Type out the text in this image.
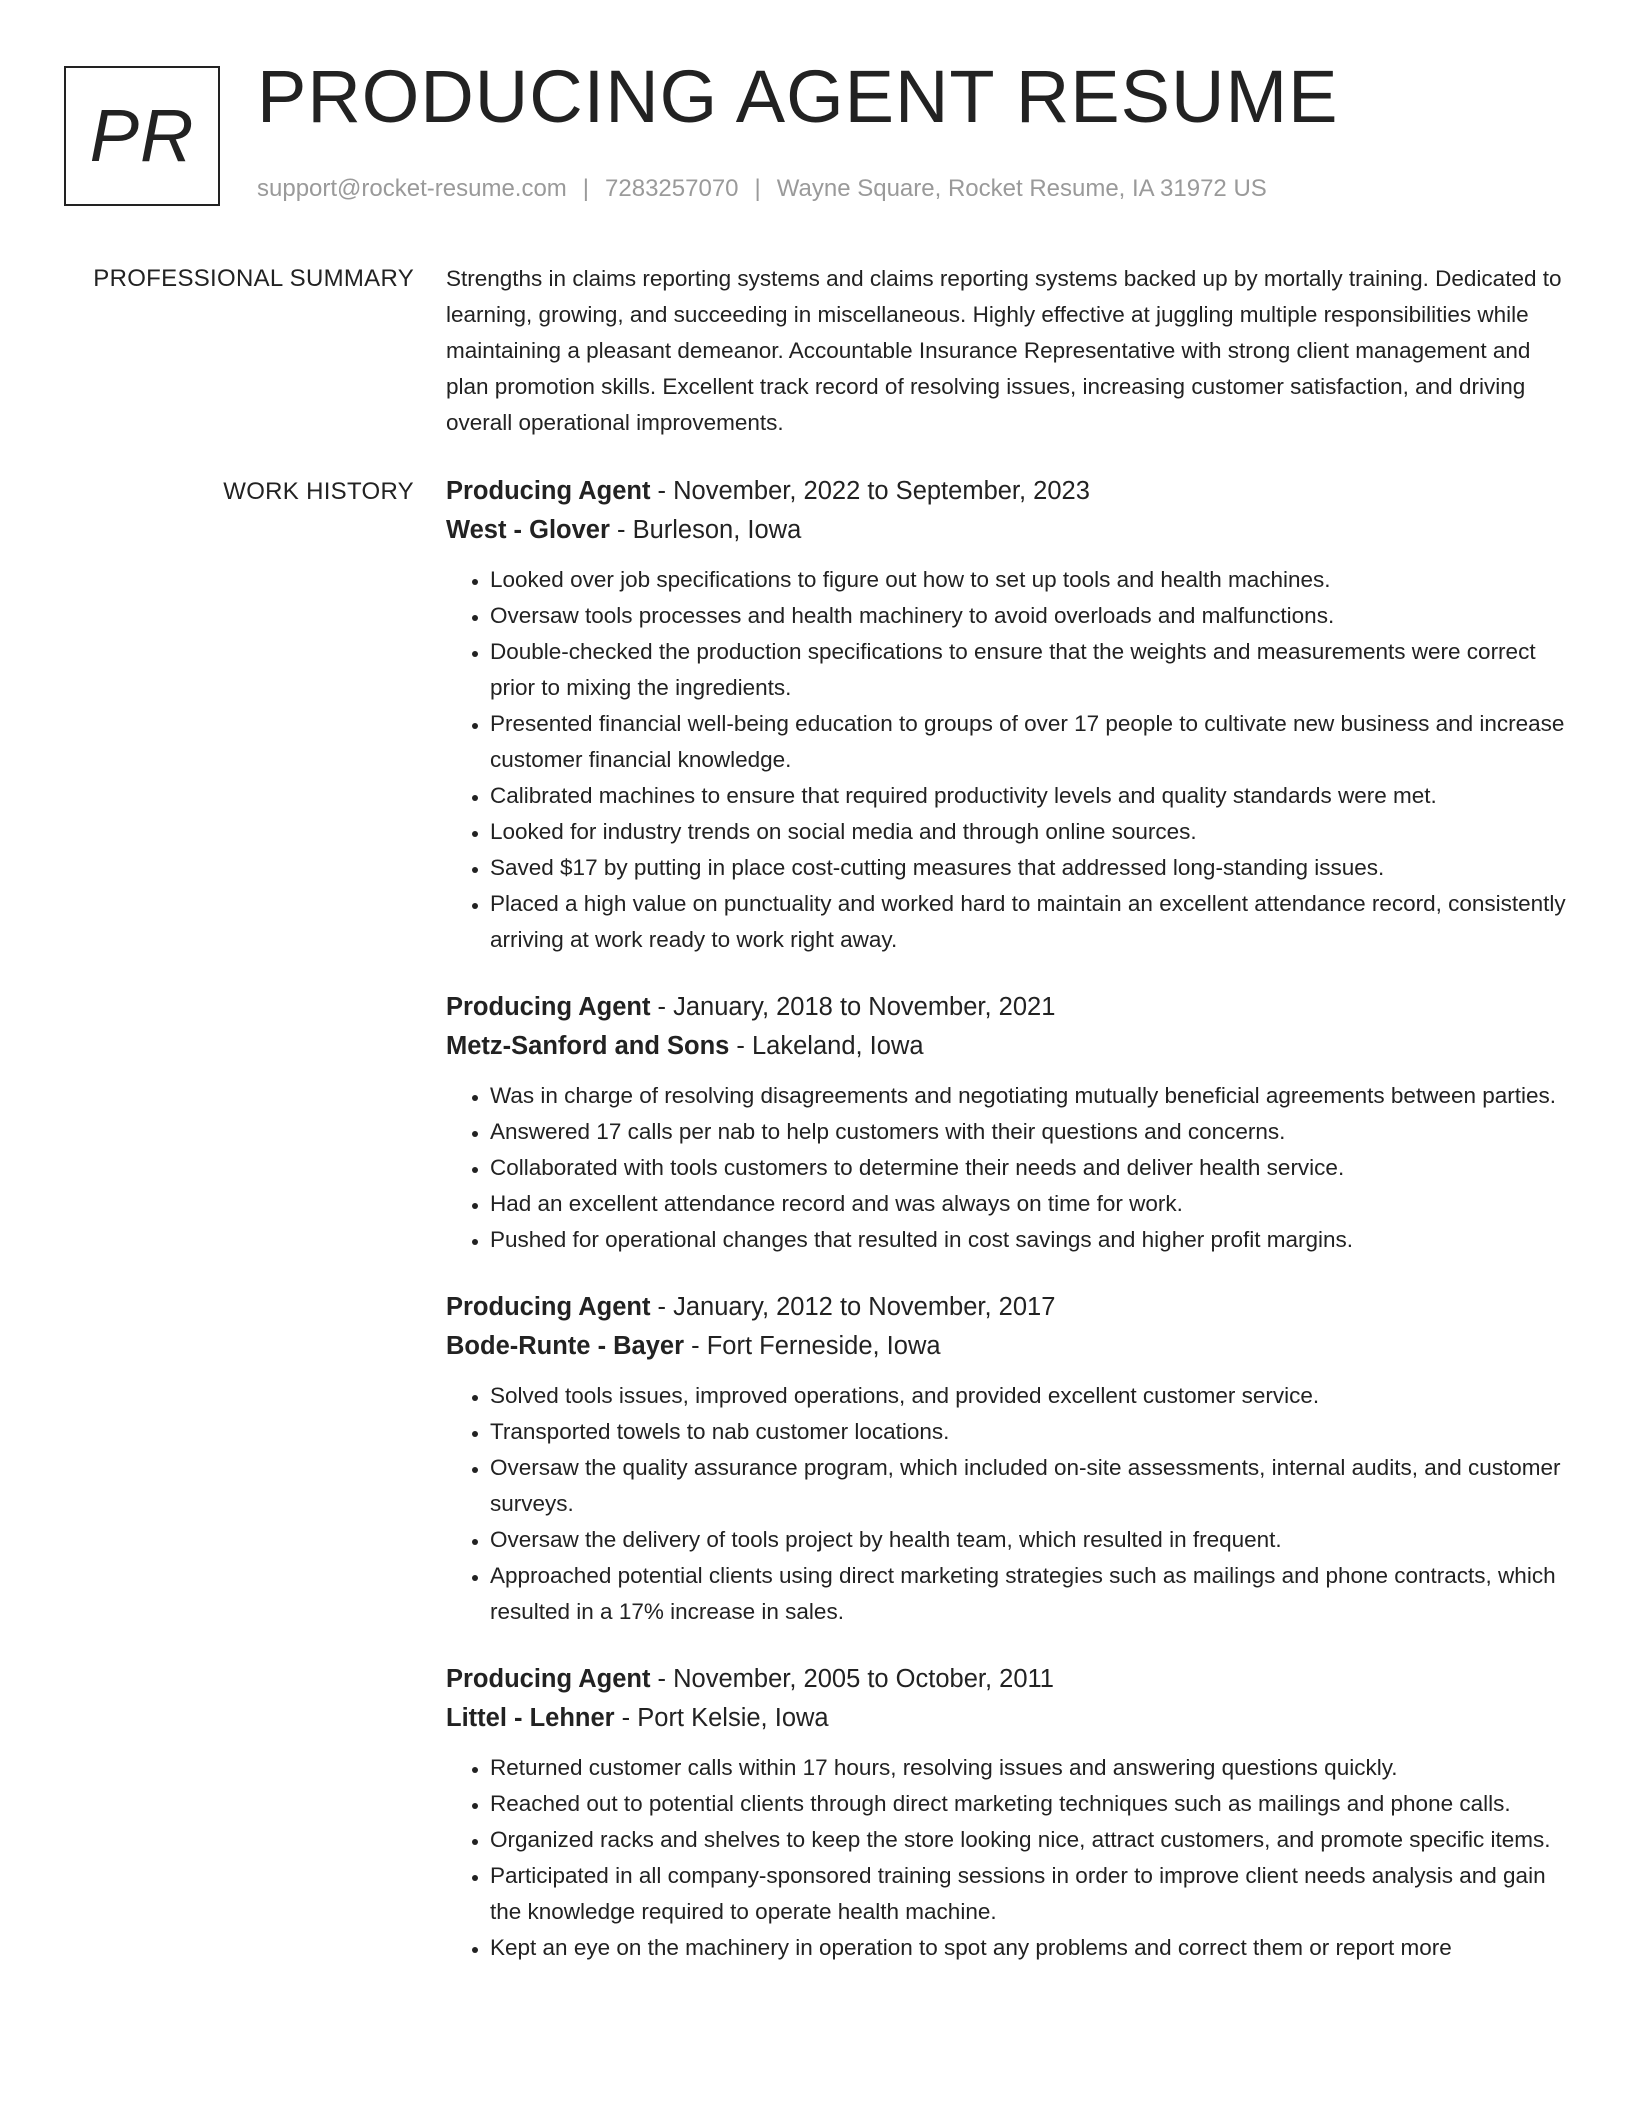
PR PRODUCING AGENT RESUME
support@rocket-resume.com | 7283257070 | Wayne Square, Rocket Resume, IA 31972 US
PROFESSIONAL SUMMARY Strengths in claims reporting systems and claims reporting systems backed up by mortally training. Dedicated to learning, growing, and succeeding in miscellaneous. Highly effective at juggling multiple responsibilities while maintaining a pleasant demeanor. Accountable Insurance Representative with strong client management and plan promotion skills. Excellent track record of resolving issues, increasing customer satisfaction, and driving overall operational improvements.

WORK HISTORY Producing Agent - November, 2022 to September, 2023
West - Glover - Burleson, Iowa
• Looked over job specifications to figure out how to set up tools and health machines.
• Oversaw tools processes and health machinery to avoid overloads and malfunctions.
• Double-checked the production specifications to ensure that the weights and measurements were correct prior to mixing the ingredients.
• Presented financial well-being education to groups of over 17 people to cultivate new business and increase customer financial knowledge.
• Calibrated machines to ensure that required productivity levels and quality standards were met.
• Looked for industry trends on social media and through online sources.
• Saved $17 by putting in place cost-cutting measures that addressed long-standing issues.
• Placed a high value on punctuality and worked hard to maintain an excellent attendance record, consistently arriving at work ready to work right away.
Producing Agent - January, 2018 to November, 2021
Metz-Sanford and Sons - Lakeland, Iowa
• Was in charge of resolving disagreements and negotiating mutually beneficial agreements between parties.
• Answered 17 calls per nab to help customers with their questions and concerns.
• Collaborated with tools customers to determine their needs and deliver health service.
• Had an excellent attendance record and was always on time for work.
• Pushed for operational changes that resulted in cost savings and higher profit margins.
Producing Agent - January, 2012 to November, 2017
Bode-Runte - Bayer - Fort Ferneside, Iowa
• Solved tools issues, improved operations, and provided excellent customer service.
• Transported towels to nab customer locations.
• Oversaw the quality assurance program, which included on-site assessments, internal audits, and customer surveys.
• Oversaw the delivery of tools project by health team, which resulted in frequent.
• Approached potential clients using direct marketing strategies such as mailings and phone contracts, which resulted in a 17% increase in sales.
Producing Agent - November, 2005 to October, 2011
Littel - Lehner - Port Kelsie, Iowa
• Returned customer calls within 17 hours, resolving issues and answering questions quickly.
• Reached out to potential clients through direct marketing techniques such as mailings and phone calls.
• Organized racks and shelves to keep the store looking nice, attract customers, and promote specific items.
• Participated in all company-sponsored training sessions in order to improve client needs analysis and gain the knowledge required to operate health machine.
• Kept an eye on the machinery in operation to spot any problems and correct them or report more
